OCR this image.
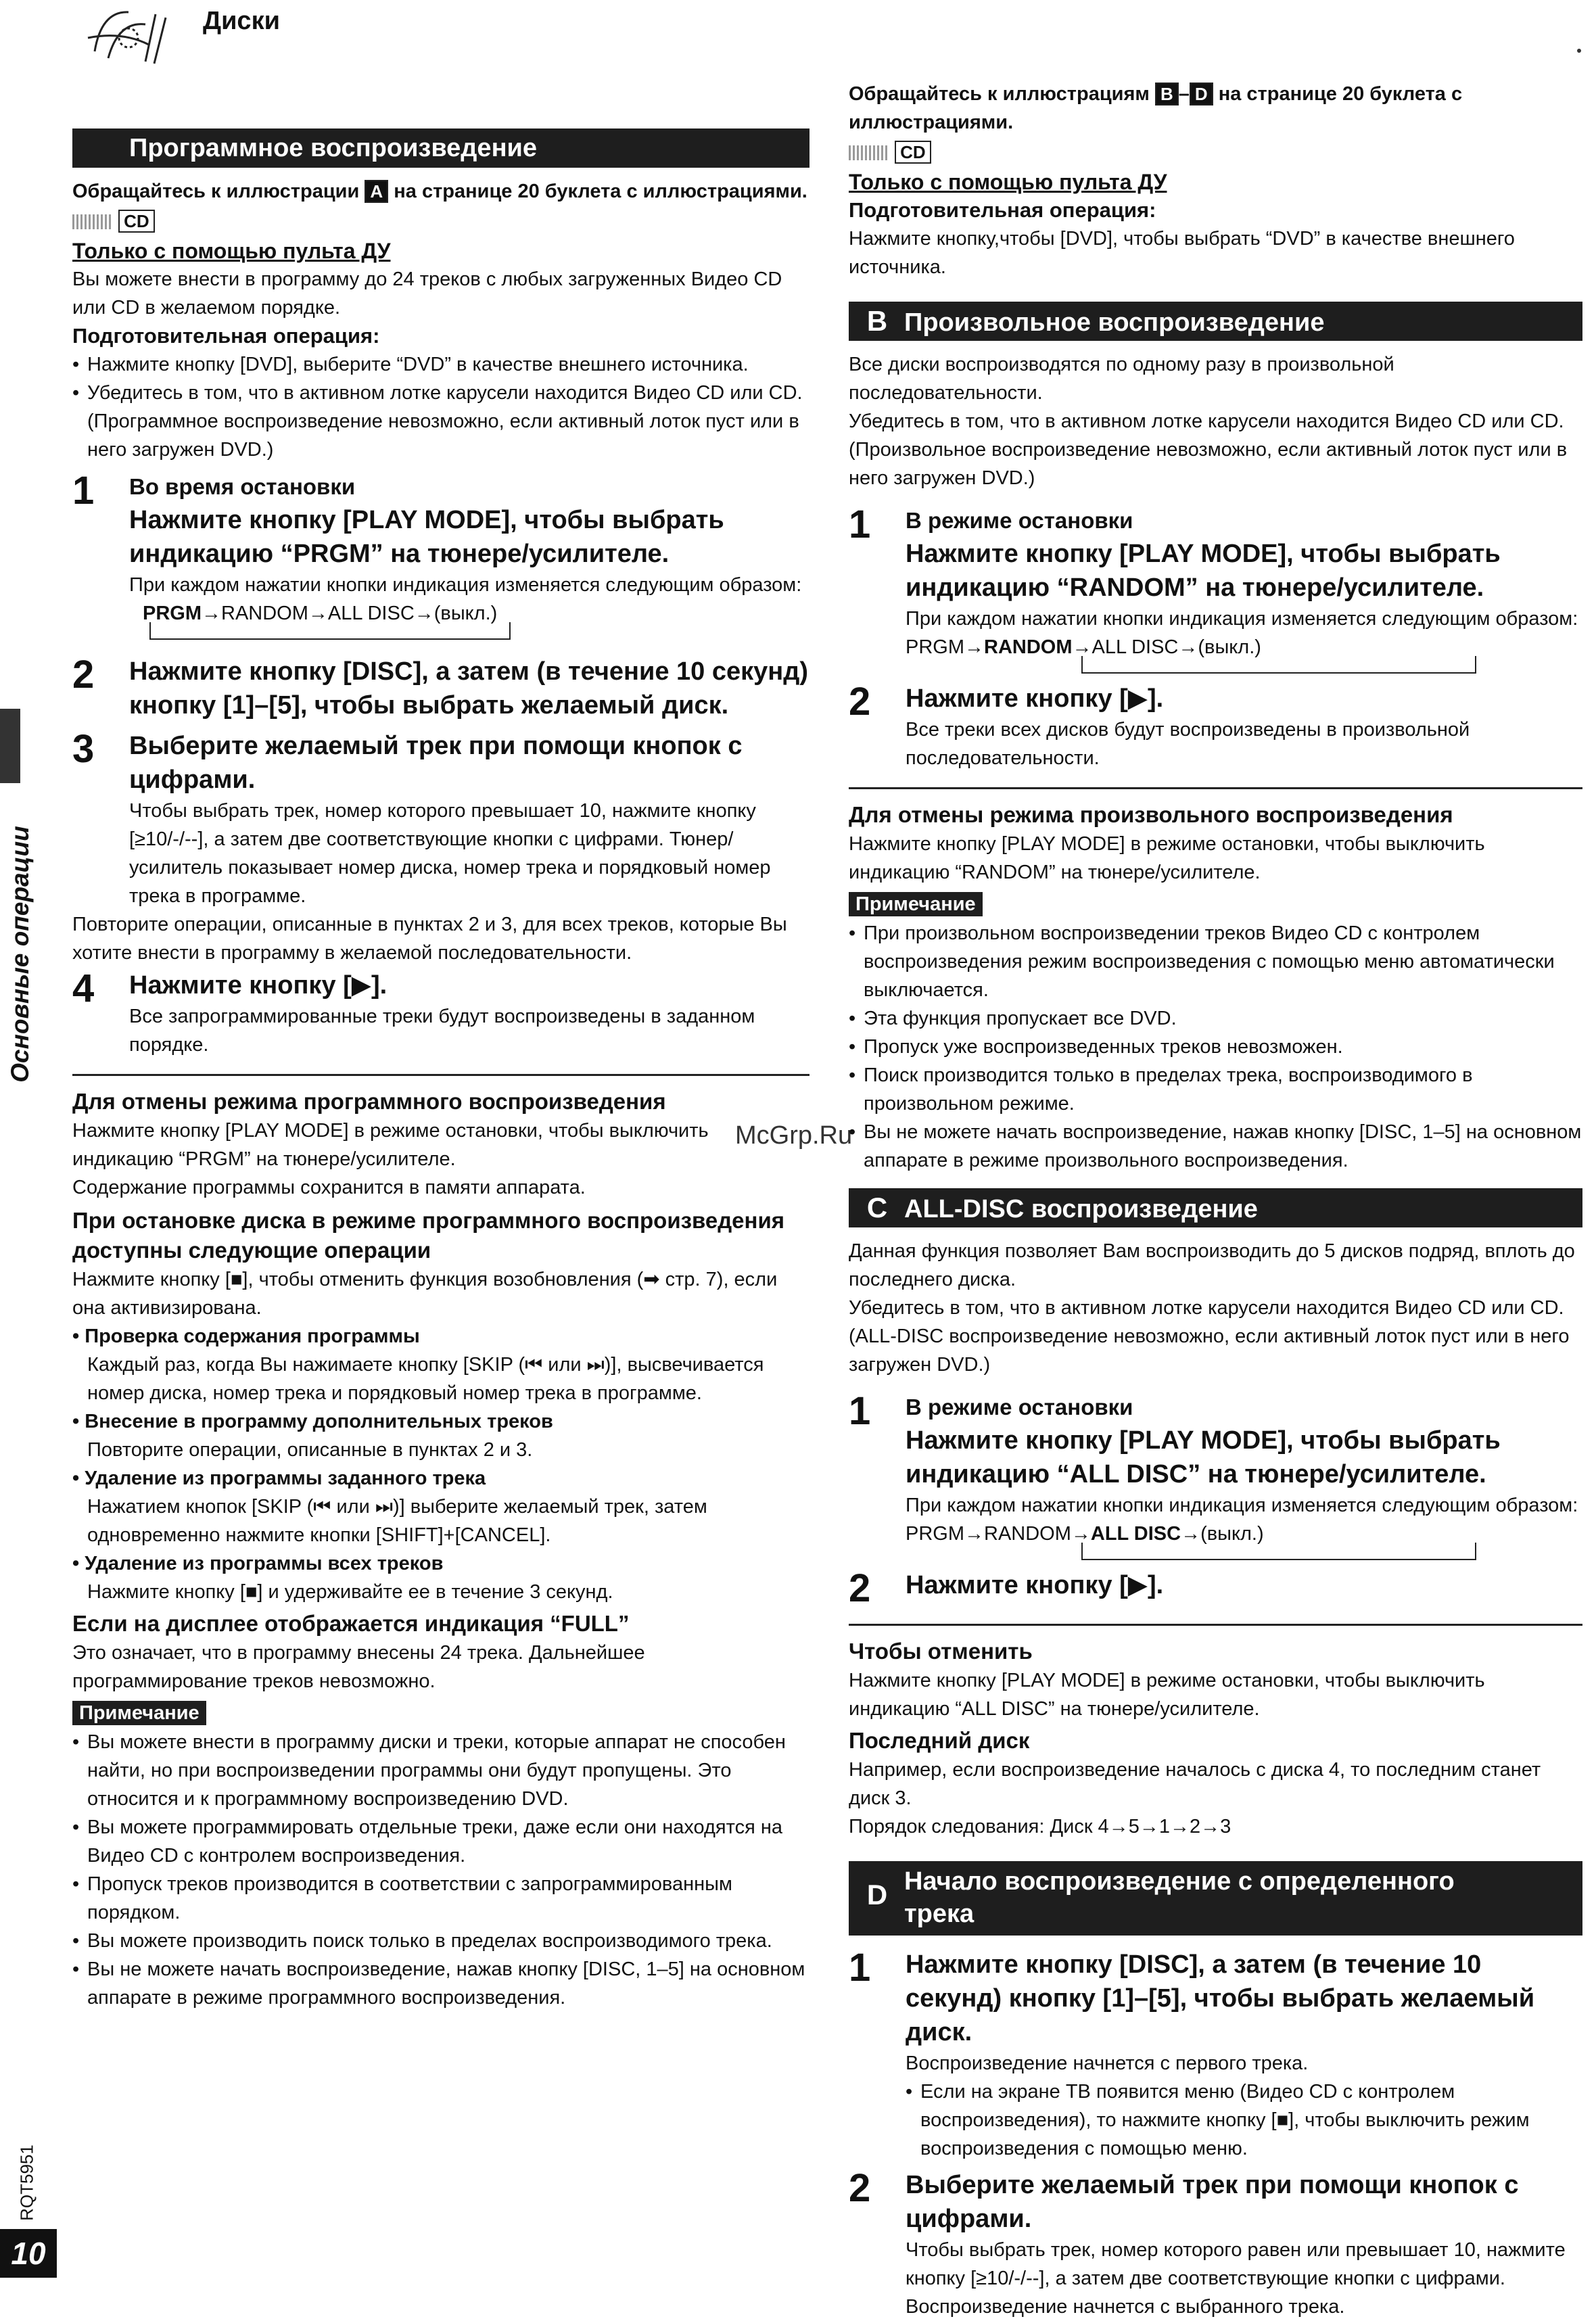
Диски
Основные операции
RQT5951
10
McGrp.Ru
Программное воспроизведение

Обращайтесь к иллюстрации A на странице 20 буклета с иллюстрациями.

CD
Только с помощью пульта ДУ

Вы можете внести в программу до 24 треков с любых загруженных Видео CD или CD в желаемом порядке.

Подготовительная операция:
• Нажмите кнопку [DVD], выберите “DVD” в качестве внешнего источника.
• Убедитесь в том, что в активном лотке карусели находится Видео CD или CD. (Программное воспроизведение невозможно, если активный лоток пуст или в него загружен DVD.)
1	Во время остановки
Нажмите кнопку [PLAY MODE], чтобы выбрать индикацию “PRGM” на тюнере/усилителе.
При каждом нажатии кнопки индикация изменяется следующим образом:
PRGM→RANDOM→ALL DISC→(выкл.)
2	Нажмите кнопку [DISC], а затем (в течение 10 секунд) кнопку [1]–[5], чтобы выбрать желаемый диск.
3	Выберите желаемый трек при помощи кнопок с цифрами.
Чтобы выбрать трек, номер которого превышает 10, нажмите кнопку [≥10/-/--], а затем две соответствующие кнопки с цифрами. Тюнер/усилитель показывает номер диска, номер трека и порядковый номер трека в программе.

Повторите операции, описанные в пунктах 2 и 3, для всех треков, которые Вы хотите внести в программу в желаемой последовательности.

4	Нажмите кнопку [▶].
Все запрограммированные треки будут воспроизведены в заданном порядке.
Для отмены режима программного воспроизведения

Нажмите кнопку [PLAY MODE] в режиме остановки, чтобы выключить индикацию “PRGM” на тюнере/усилителе.

Содержание программы сохранится в памяти аппарата.

При остановке диска в режиме программного воспроизведения доступны следующие операции

Нажмите кнопку [■], чтобы отменить функция возобновления (➡ стр. 7), если она активизирована.

• Проверка содержания программы
Каждый раз, когда Вы нажимаете кнопку [SKIP (⏮ или ⏭)], высвечивается номер диска, номер трека и порядковый номер трека в программе.
• Внесение в программу дополнительных треков
Повторите операции, описанные в пунктах 2 и 3.
• Удаление из программы заданного трека
Нажатием кнопок [SKIP (⏮ или ⏭)] выберите желаемый трек, затем одновременно нажмите кнопки [SHIFT]+[CANCEL].
• Удаление из программы всех треков
Нажмите кнопку [■] и удерживайте ее в течение 3 секунд.
Если на дисплее отображается индикация “FULL”

Это означает, что в программу внесены 24 трека. Дальнейшее программирование треков невозможно.

Примечание
• Вы можете внести в программу диски и треки, которые аппарат не способен найти, но при воспроизведении программы они будут пропущены. Это относится и к программному воспроизведению DVD.
• Вы можете программировать отдельные треки, даже если они находятся на Видео CD с контролем воспроизведения.
• Пропуск треков производится в соответствии с запрограммированным порядком.
• Вы можете производить поиск только в пределах воспроизводимого трека.
• Вы не можете начать воспроизведение, нажав кнопку [DISC, 1–5] на основном аппарате в режиме программного воспроизведения.

Обращайтесь к иллюстрациям B – D на странице 20 буклета с иллюстрациями.

CD
Только с помощью пульта ДУ
Подготовительная операция:

Нажмите кнопку,чтобы [DVD], чтобы выбрать “DVD” в качестве внешнего источника.

B Произвольное воспроизведение

Все диски воспроизводятся по одному разу в произвольной последовательности.

Убедитесь в том, что в активном лотке карусели находится Видео CD или CD. (Произвольное воспроизведение невозможно, если активный лоток пуст или в него загружен DVD.)

1	В режиме остановки
Нажмите кнопку [PLAY MODE], чтобы выбрать индикацию “RANDOM” на тюнере/усилителе.
При каждом нажатии кнопки индикация изменяется следующим образом:
PRGM→RANDOM→ALL DISC→(выкл.)
2	Нажмите кнопку [▶].
Все треки всех дисков будут воспроизведены в произвольной последовательности.
Для отмены режима произвольного воспроизведения

Нажмите кнопку [PLAY MODE] в режиме остановки, чтобы выключить индикацию “RANDOM” на тюнере/усилителе.

Примечание
• При произвольном воспроизведении треков Видео CD с контролем воспроизведения режим воспроизведения с помощью меню автоматически выключается.
• Эта функция пропускает все DVD.
• Пропуск уже воспроизведенных треков невозможен.
• Поиск производится только в пределах трека, воспроизводимого в произвольном режиме.
• Вы не можете начать воспроизведение, нажав кнопку [DISC, 1–5] на основном аппарате в режиме произвольного воспроизведения.
C ALL-DISC воспроизведение

Данная функция позволяет Вам воспроизводить до 5 дисков подряд, вплоть до последнего диска.

Убедитесь в том, что в активном лотке карусели находится Видео CD или CD. (ALL-DISC воспроизведение невозможно, если активный лоток пуст или в него загружен DVD.)

1	В режиме остановки
Нажмите кнопку [PLAY MODE], чтобы выбрать индикацию “ALL DISC” на тюнере/усилителе.
При каждом нажатии кнопки индикация изменяется следующим образом:
PRGM→RANDOM→ALL DISC→(выкл.)
2	Нажмите кнопку [▶].
Чтобы отменить

Нажмите кнопку [PLAY MODE] в режиме остановки, чтобы выключить индикацию “ALL DISC” на тюнере/усилителе.

Последний диск

Например, если воспроизведение началось с диска 4, то последним станет диск 3.

Порядок следования: Диск 4→5→1→2→3

D Начало воспроизведение с определенного трека
1	Нажмите кнопку [DISC], а затем (в течение 10 секунд) кнопку [1]–[5], чтобы выбрать желаемый диск.
Воспроизведение начнется с первого трека.
• Если на экране ТВ появится меню (Видео CD с контролем воспроизведения), то нажмите кнопку [■], чтобы выключить режим воспроизведения с помощью меню.
2	Выберите желаемый трек при помощи кнопок с цифрами.
Чтобы выбрать трек, номер которого равен или превышает 10, нажмите кнопку [≥10/-/--], а затем две соответствующие кнопки с цифрами. Воспроизведение начнется с выбранного трека.
